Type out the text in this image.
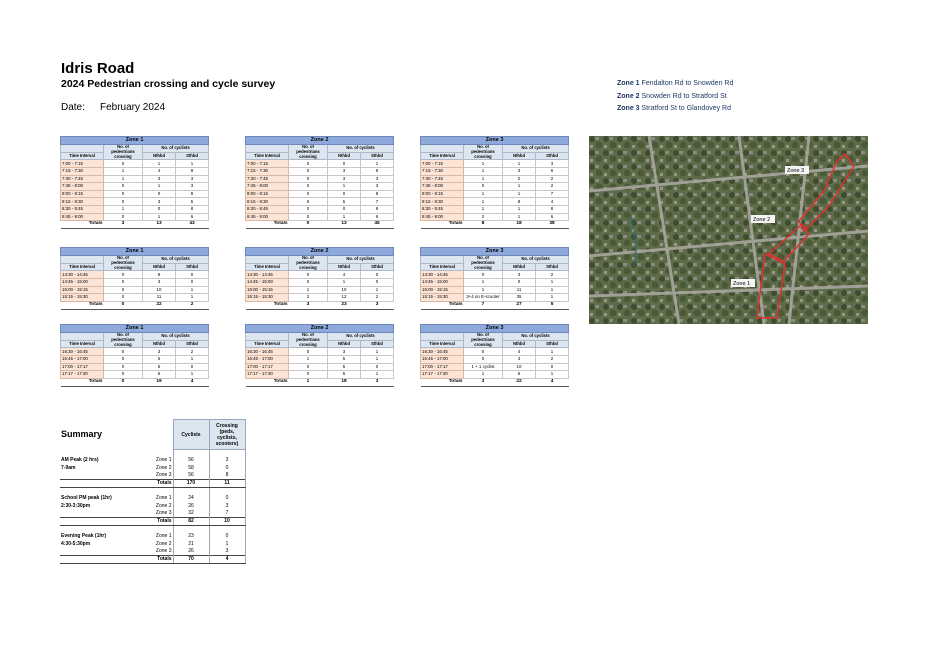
Idris Road
2024 Pedestrian crossing and cycle survey
Date: February 2024
Zone 1 Fendalton Rd to Snowden Rd
Zone 2 Snowden Rd to Stratford St
Zone 3 Stratford St to Glandovey Rd
Zone 1			
	No. of pedestrians crossing	No. of cyclists	
Time Interval		Nthbd	Sthbd
7:00 - 7:15	0	1	1
7:15 - 7:30	1	4	8
7:30 - 7:45	1	3	3
7:45 - 8:00	0	1	3
8:00 - 8:15	0	0	9
8:15 - 8:30	0	3	5
8:30 - 8:45	1	0	8
8:45 - 9:00	0	1	6
Totals	3	13	43
Zone 2			
	No. of pedestrians crossing	No. of cyclists	
Time Interval		Nthbd	Sthbd
7:00 - 7:15	0	0	1
7:15 - 7:30	0	3	8
7:30 - 7:45	0	3	3
7:45 - 8:00	0	1	3
8:00 - 8:15	0	0	8
8:15 - 8:30	0	5	7
8:30 - 8:45	0	0	9
8:45 - 9:00	0	1	6
Totals	0	13	45
Zone 3			
	No. of pedestrians crossing	No. of cyclists	
Time Interval		Nthbd	Sthbd
7:00 - 7:15	1	1	3
7:15 - 7:30	1	3	6
7:30 - 7:45	1	2	2
7:45 - 8:00	0	1	2
8:00 - 8:15	1	1	7
8:15 - 8:30	1	8	4
8:30 - 8:45	1	1	8
8:45 - 9:00	2	1	6
Totals	8	18	38
Zone 1			
	No. of pedestrians crossing	No. of cyclists	
Time Interval		Nthbd	Sthbd
14:30 - 14:45	0	8	0
14:45 - 15:00	0	3	0
15:00 - 15:15	0	10	1
15:15 - 15:30	0	11	1
Totals	0	22	2
Zone 2			
	No. of pedestrians crossing	No. of cyclists	
Time Interval		Nthbd	Sthbd
14:30 - 14:45	0	4	0
14:45 - 15:00	0	1	0
15:00 - 15:15	1	10	1
15:15 - 15:30	2	12	2
Totals	3	23	3
Zone 3			
	No. of pedestrians crossing	No. of cyclists	
Time Interval		Nthbd	Sthbd
14:30 - 14:45	0	3	2
14:45 - 15:00	1	0	1
15:00 - 15:15	1	11	1
15:15 - 15:30	3+4 on E-scooter	35	1
Totals	7	27	5
Zone 1			
	No. of pedestrians crossing	No. of cyclists	
Time Interval		Nthbd	Sthbd
16:30 - 16:45	0	3	2
16:45 - 17:00	0	5	1
17:00 - 17:17	0	6	0
17:17 - 17:30	0	5	1
Totals	0	19	4
Zone 2			
	No. of pedestrians crossing	No. of cyclists	
Time Interval		Nthbd	Sthbd
16:30 - 16:45	0	3	1
16:45 - 17:00	1	5	1
17:00 - 17:17	0	5	0
17:17 - 17:30	0	5	1
Totals	1	18	3
Zone 3			
	No. of pedestrians crossing	No. of cyclists	
Time Interval		Nthbd	Sthbd
16:30 - 16:45	0	4	1
16:45 - 17:00	0	3	2
17:00 - 17:17	1 + 1 cyclist	10	0
17:17 - 17:30	1	5	1
Totals	3	22	4
Zone 3
Zone 2
Zone 1
Summary		Cyclists	Crossing (peds, cyclists, scooters)

AM Peak (2 hrs)	Zone 1	56	3
7-9am	Zone 2	58	0
	Zone 3	56	8
	Totals	170	11

School PM peak (1hr)	Zone 1	24	0
2:30-3:30pm	Zone 2	26	3
	Zone 3	32	7
	Totals	82	10

Evening Peak (1hr)	Zone 1	23	0
4:30-5:30pm	Zone 2	21	1
	Zone 3	26	3
	Totals	70	4
